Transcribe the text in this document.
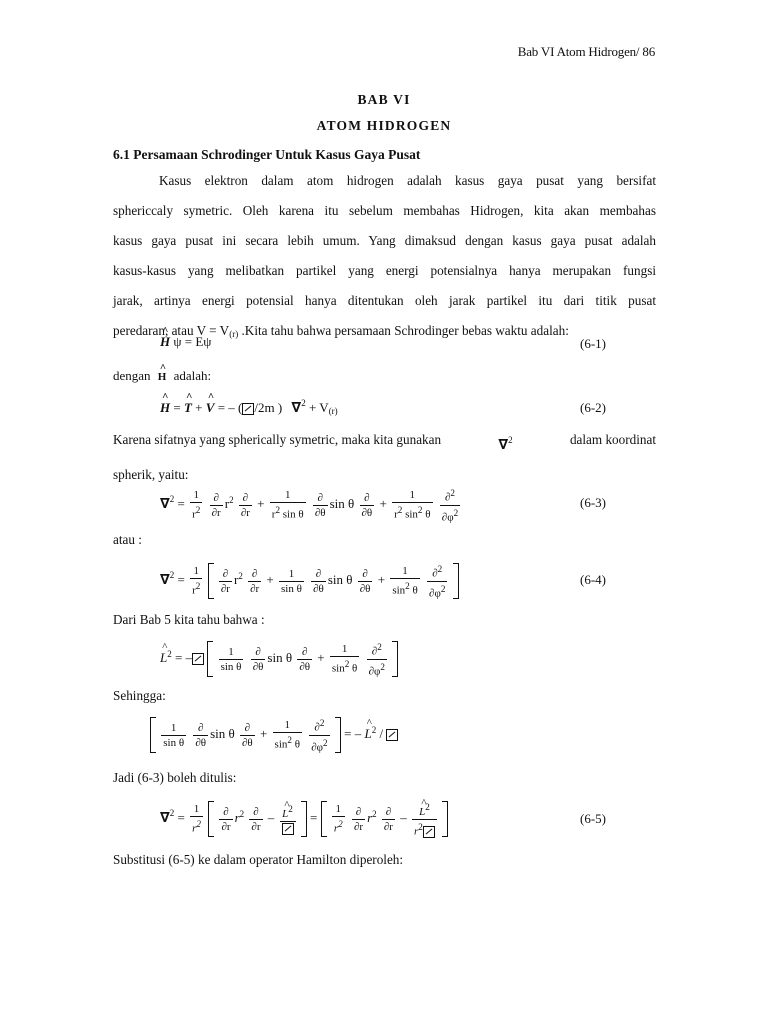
Bab VI Atom Hidrogen/ 86
BAB VI
ATOM HIDROGEN
6.1 Persamaan Schrodinger Untuk Kasus Gaya Pusat
Kasus elektron dalam atom hidrogen adalah kasus gaya pusat yang bersifat
sphericcaly symetric. Oleh karena itu sebelum membahas Hidrogen, kita akan membahas
kasus gaya pusat ini secara lebih umum. Yang dimaksud dengan kasus gaya pusat adalah
kasus-kasus yang melibatkan partikel yang energi potensialnya hanya merupakan fungsi
jarak, artinya energi potensial hanya ditentukan oleh jarak partikel itu dari titik pusat
peredaran, atau $V = V_{(r)}$ .Kita tahu bahwa persamaan Schrodinger bebas waktu adalah:
^ H ψ = Eψ	(6-1)
dengan ^ H adalah:
^ H = ^ T + ^ V = – ( /2m ) $\nabla^2 + V_{(r)}$	(6-2)
Karena sifatnya yang spherically symetric, maka kita gunakan	∇$^2$	dalam koordinat
spherik, yaitu:
$\nabla^2 = \frac{1}{r^2}$
$\frac{\partial}{\partial r} r^2 \frac{\partial}{\partial r} + \frac{1}{r^2 \sin \theta}$
$\frac{\partial}{\partial\theta}$ sin θ $\frac{\partial}{\partial\theta} + \frac{1}{r^2 \sin^2 \theta}$
$\frac{\partial^2}{\partial\varphi^2}$	(6-3)
atau :
$\nabla^2 = \frac{1}{r^2}$
$\frac{\partial}{\partial r} r^2 \frac{\partial}{\partial r} + \frac{1}{\text{sin θ}}$
$\frac{\partial}{\partial\theta}$ sin θ $\frac{\partial}{\partial\theta} + \frac{1}{\sin^2 \theta}$
$\frac{\partial^2}{\partial\varphi^2}$
	(6-4)
Dari Bab 5 kita tahu bahwa :
^ $L^2$ = – $\frac{1}{\text{sin θ}}$
$\frac{\partial}{\partial\theta}$ sin θ $\frac{\partial}{\partial\theta} + \frac{1}{\sin^2 \theta}$
$\frac{\partial^2}{\partial\varphi^2}$

Sehingga:

$\frac{1}{\text{sin θ}}$
$\frac{\partial}{\partial\theta}$ sin θ $\frac{\partial}{\partial\theta} + \frac{1}{\sin^2 \theta}$
$\frac{\partial^2}{\partial\varphi^2}$ = – ^ $L^2$ /
Jadi (6-3) boleh ditulis:
$\nabla^2 = \frac{1}{r^2}$
$\frac{\partial}{\partial r} r^2 \frac{\partial}{\partial r}$ – ^ $L^2$
= $\frac{1}{r^2}$
$\frac{\partial}{\partial r} r^2 \frac{\partial}{\partial r}$ – ^ $\frac{L^2}{r^2}$
	(6-5)
Substitusi (6-5) ke dalam operator Hamilton diperoleh:
